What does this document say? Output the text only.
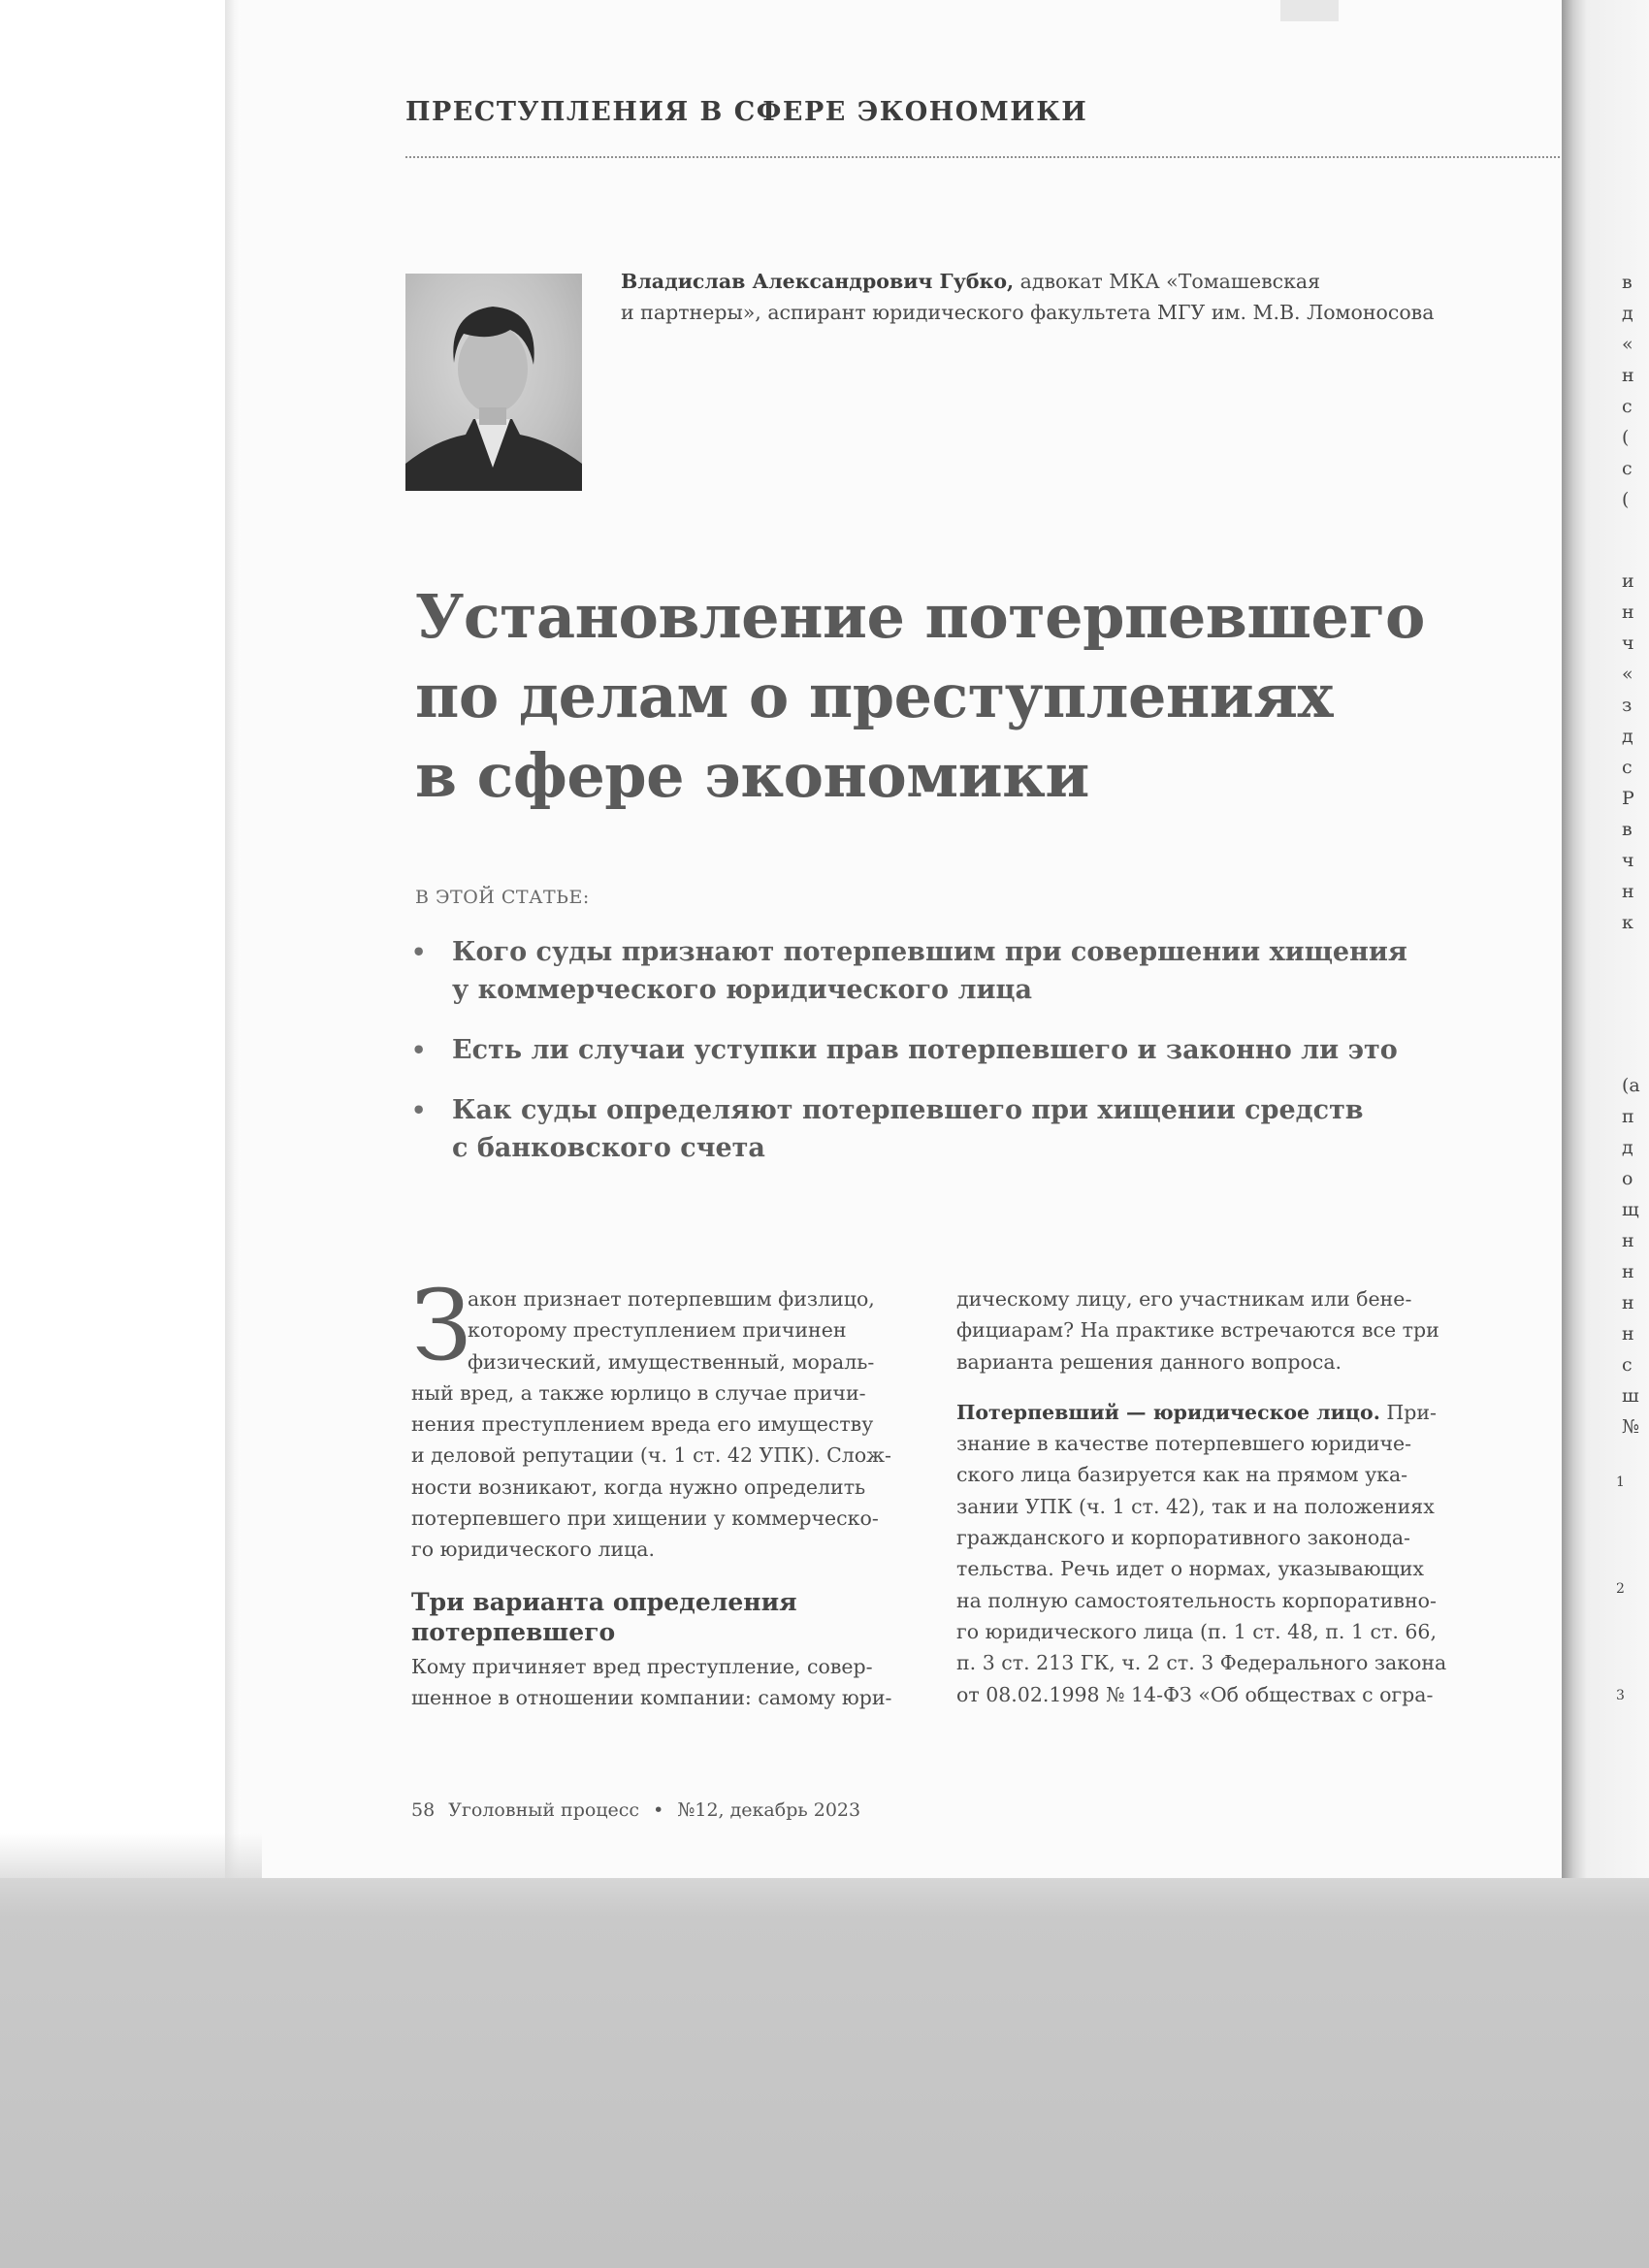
в
д
«
н
с
(
с
(
и
н
ч
«
з
д
с
Р
в
ч
н
к
(а
п
д
о
щ
н
н
н
н
с
ш
№
1
2
3
ПРЕСТУПЛЕНИЯ В СФЕРЕ ЭКОНОМИКИ
Владислав Александрович Губко, адвокат МКА «Томашевская
и партнеры», аспирант юридического факультета МГУ им. М.В. Ломоносова
Установление потерпевшего
по делам о преступлениях
в сфере экономики
В ЭТОЙ СТАТЬЕ:
• Кого суды признают потерпевшим при совершении хищения
у коммерческого юридического лица
• Есть ли случаи уступки прав потерпевшего и законно ли это
• Как суды определяют потерпевшего при хищении средств
с банковского счета
З
акон признает потерпевшим физлицо,
которому преступлением причинен
физический, имущественный, мораль-
ный вред, а также юрлицо в случае причи-
нения преступлением вреда его имуществу
и деловой репутации (ч. 1 ст. 42 УПК). Слож-
ности возникают, когда нужно определить
потерпевшего при хищении у коммерческо-
го юридического лица.
Три варианта определения
потерпевшего
Кому причиняет вред преступление, совер-
шенное в отношении компании: самому юри-
дическому лицу, его участникам или бене-
фициарам? На практике встречаются все три
варианта решения данного вопроса.
Потерпевший — юридическое лицо. При-
знание в качестве потерпевшего юридиче-
ского лица базируется как на прямом ука-
зании УПК (ч. 1 ст. 42), так и на положениях
гражданского и корпоративного законода-
тельства. Речь идет о нормах, указывающих
на полную самостоятельность корпоративно-
го юридического лица (п. 1 ст. 48, п. 1 ст. 66,
п. 3 ст. 213 ГК, ч. 2 ст. 3 Федерального закона
от 08.02.1998 № 14-ФЗ «Об обществах с огра-
58 Уголовный процесс • №12, декабрь 2023
